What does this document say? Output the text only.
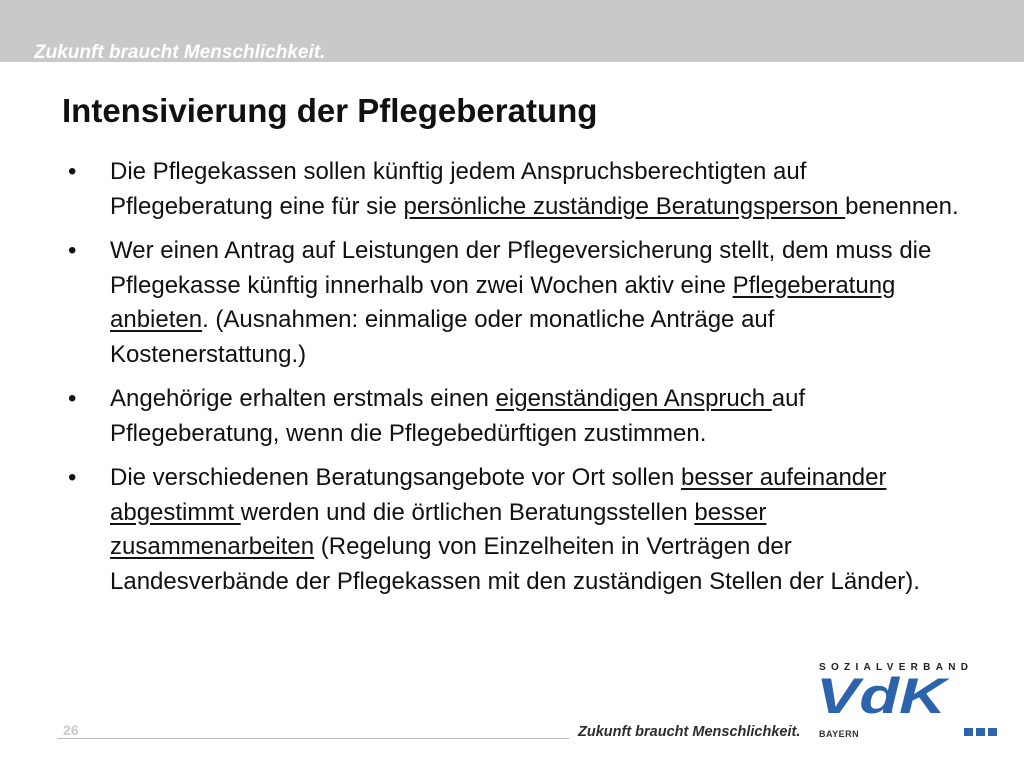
Zukunft braucht Menschlichkeit.
Intensivierung der Pflegeberatung
• Die Pflegekassen sollen künftig jedem Anspruchsberechtigten auf Pflegeberatung eine für sie persönliche zuständige Beratungsperson benennen.
• Wer einen Antrag auf Leistungen der Pflegeversicherung stellt, dem muss die Pflegekasse künftig innerhalb von zwei Wochen aktiv eine Pflegeberatung anbieten. (Ausnahmen: einmalige oder monatliche Anträge auf Kostenerstattung.)
• Angehörige erhalten erstmals einen eigenständigen Anspruch auf Pflegeberatung, wenn die Pflegebedürftigen zustimmen.
• Die verschiedenen Beratungsangebote vor Ort sollen besser aufeinander abgestimmt werden und die örtlichen Beratungsstellen besser zusammenarbeiten (Regelung von Einzelheiten in Verträgen der Landesverbände der Pflegekassen mit den zuständigen Stellen der Länder).
26	Zukunft braucht Menschlichkeit.
SOZIALVERBAND
VdK
BAYERN
